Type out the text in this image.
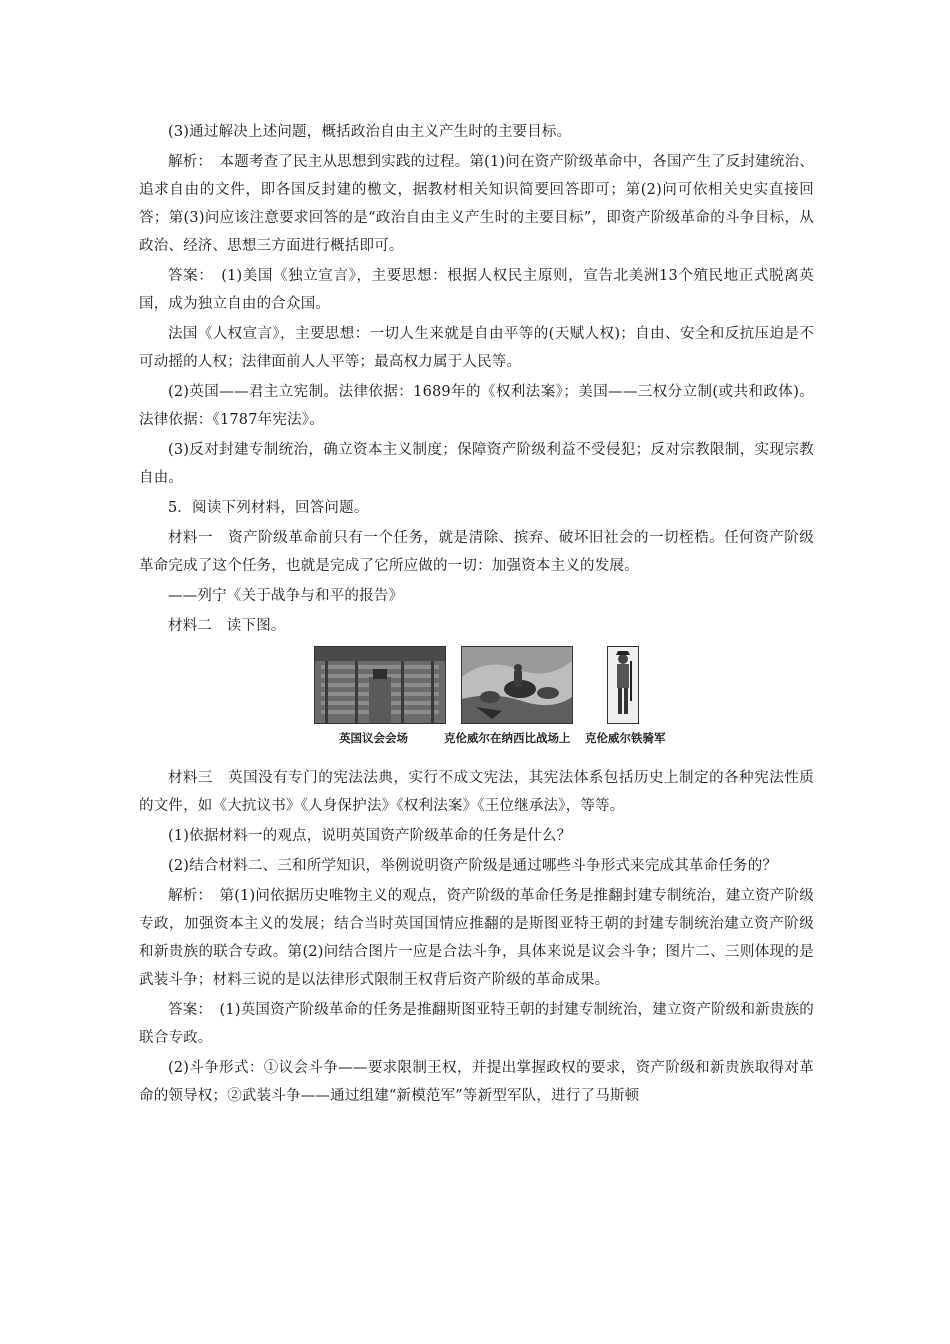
(3)通过解决上述问题，概括政治自由主义产生时的主要目标。

解析：　本题考查了民主从思想到实践的过程。第(1)问在资产阶级革命中，各国产生了反封建统治、追求自由的文件，即各国反封建的檄文，据教材相关知识简要回答即可；第(2)问可依相关史实直接回答；第(3)问应该注意要求回答的是“政治自由主义产生时的主要目标”，即资产阶级革命的斗争目标，从政治、经济、思想三方面进行概括即可。

答案：　(1)美国《独立宣言》，主要思想：根据人权民主原则，宣告北美洲13个殖民地正式脱离英国，成为独立自由的合众国。

法国《人权宣言》，主要思想：一切人生来就是自由平等的(天赋人权)；自由、安全和反抗压迫是不可动摇的人权；法律面前人人平等；最高权力属于人民等。

(2)英国——君主立宪制。法律依据：1689年的《权利法案》；美国——三权分立制(或共和政体)。法律依据：《1787年宪法》。

(3)反对封建专制统治，确立资本主义制度；保障资产阶级利益不受侵犯；反对宗教限制，实现宗教自由。

5．阅读下列材料，回答问题。

材料一　资产阶级革命前只有一个任务，就是清除、摈弃、破坏旧社会的一切桎梏。任何资产阶级革命完成了这个任务，也就是完成了它所应做的一切：加强资本主义的发展。

——列宁《关于战争与和平的报告》

材料二　读下图。

英国议会会场	克伦威尔在纳西比战场上 克伦威尔铁骑军

材料三　英国没有专门的宪法法典，实行不成文宪法，其宪法体系包括历史上制定的各种宪法性质的文件，如《大抗议书》《人身保护法》《权利法案》《王位继承法》，等等。

(1)依据材料一的观点，说明英国资产阶级革命的任务是什么？

(2)结合材料二、三和所学知识，举例说明资产阶级是通过哪些斗争形式来完成其革命任务的？

解析：　第(1)问依据历史唯物主义的观点，资产阶级的革命任务是推翻封建专制统治，建立资产阶级专政，加强资本主义的发展；结合当时英国国情应推翻的是斯图亚特王朝的封建专制统治建立资产阶级和新贵族的联合专政。第(2)问结合图片一应是合法斗争，具体来说是议会斗争；图片二、三则体现的是武装斗争；材料三说的是以法律形式限制王权背后资产阶级的革命成果。

答案：　(1)英国资产阶级革命的任务是推翻斯图亚特王朝的封建专制统治，建立资产阶级和新贵族的联合专政。

(2)斗争形式：①议会斗争——要求限制王权，并提出掌握政权的要求，资产阶级和新贵族取得对革命的领导权；②武装斗争——通过组建“新模范军”等新型军队，进行了马斯顿
